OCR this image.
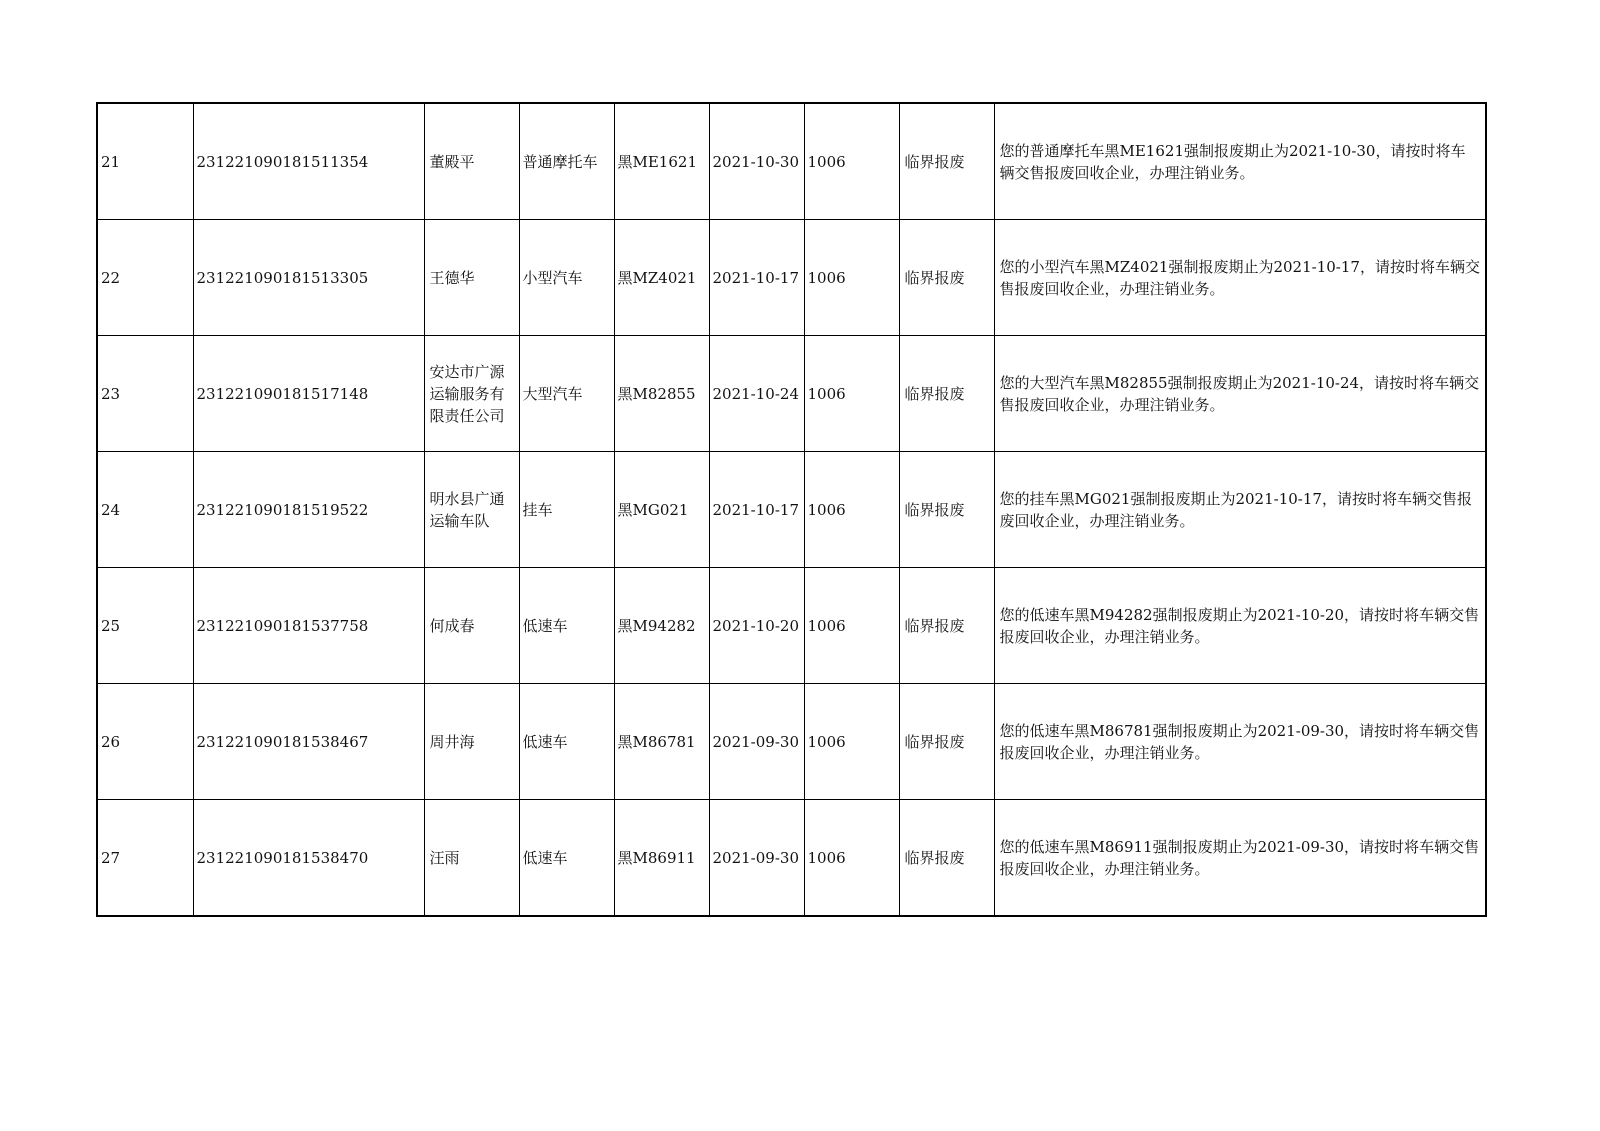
21	231221090181511354	董殿平	普通摩托车	黑ME1621	2021-10-30	1006	临界报废	您的普通摩托车黑ME1621强制报废期止为2021-10-30，请按时将车辆交售报废回收企业，办理注销业务。
22	231221090181513305	王德华	小型汽车	黑MZ4021	2021-10-17	1006	临界报废	您的小型汽车黑MZ4021强制报废期止为2021-10-17，请按时将车辆交售报废回收企业，办理注销业务。
23	231221090181517148	安达市广源运输服务有限责任公司	大型汽车	黑M82855	2021-10-24	1006	临界报废	您的大型汽车黑M82855强制报废期止为2021-10-24，请按时将车辆交售报废回收企业，办理注销业务。
24	231221090181519522	明水县广通运输车队	挂车	黑MG021	2021-10-17	1006	临界报废	您的挂车黑MG021强制报废期止为2021-10-17，请按时将车辆交售报废回收企业，办理注销业务。
25	231221090181537758	何成春	低速车	黑M94282	2021-10-20	1006	临界报废	您的低速车黑M94282强制报废期止为2021-10-20，请按时将车辆交售报废回收企业，办理注销业务。
26	231221090181538467	周井海	低速车	黑M86781	2021-09-30	1006	临界报废	您的低速车黑M86781强制报废期止为2021-09-30，请按时将车辆交售报废回收企业，办理注销业务。
27	231221090181538470	汪雨	低速车	黑M86911	2021-09-30	1006	临界报废	您的低速车黑M86911强制报废期止为2021-09-30，请按时将车辆交售报废回收企业，办理注销业务。
